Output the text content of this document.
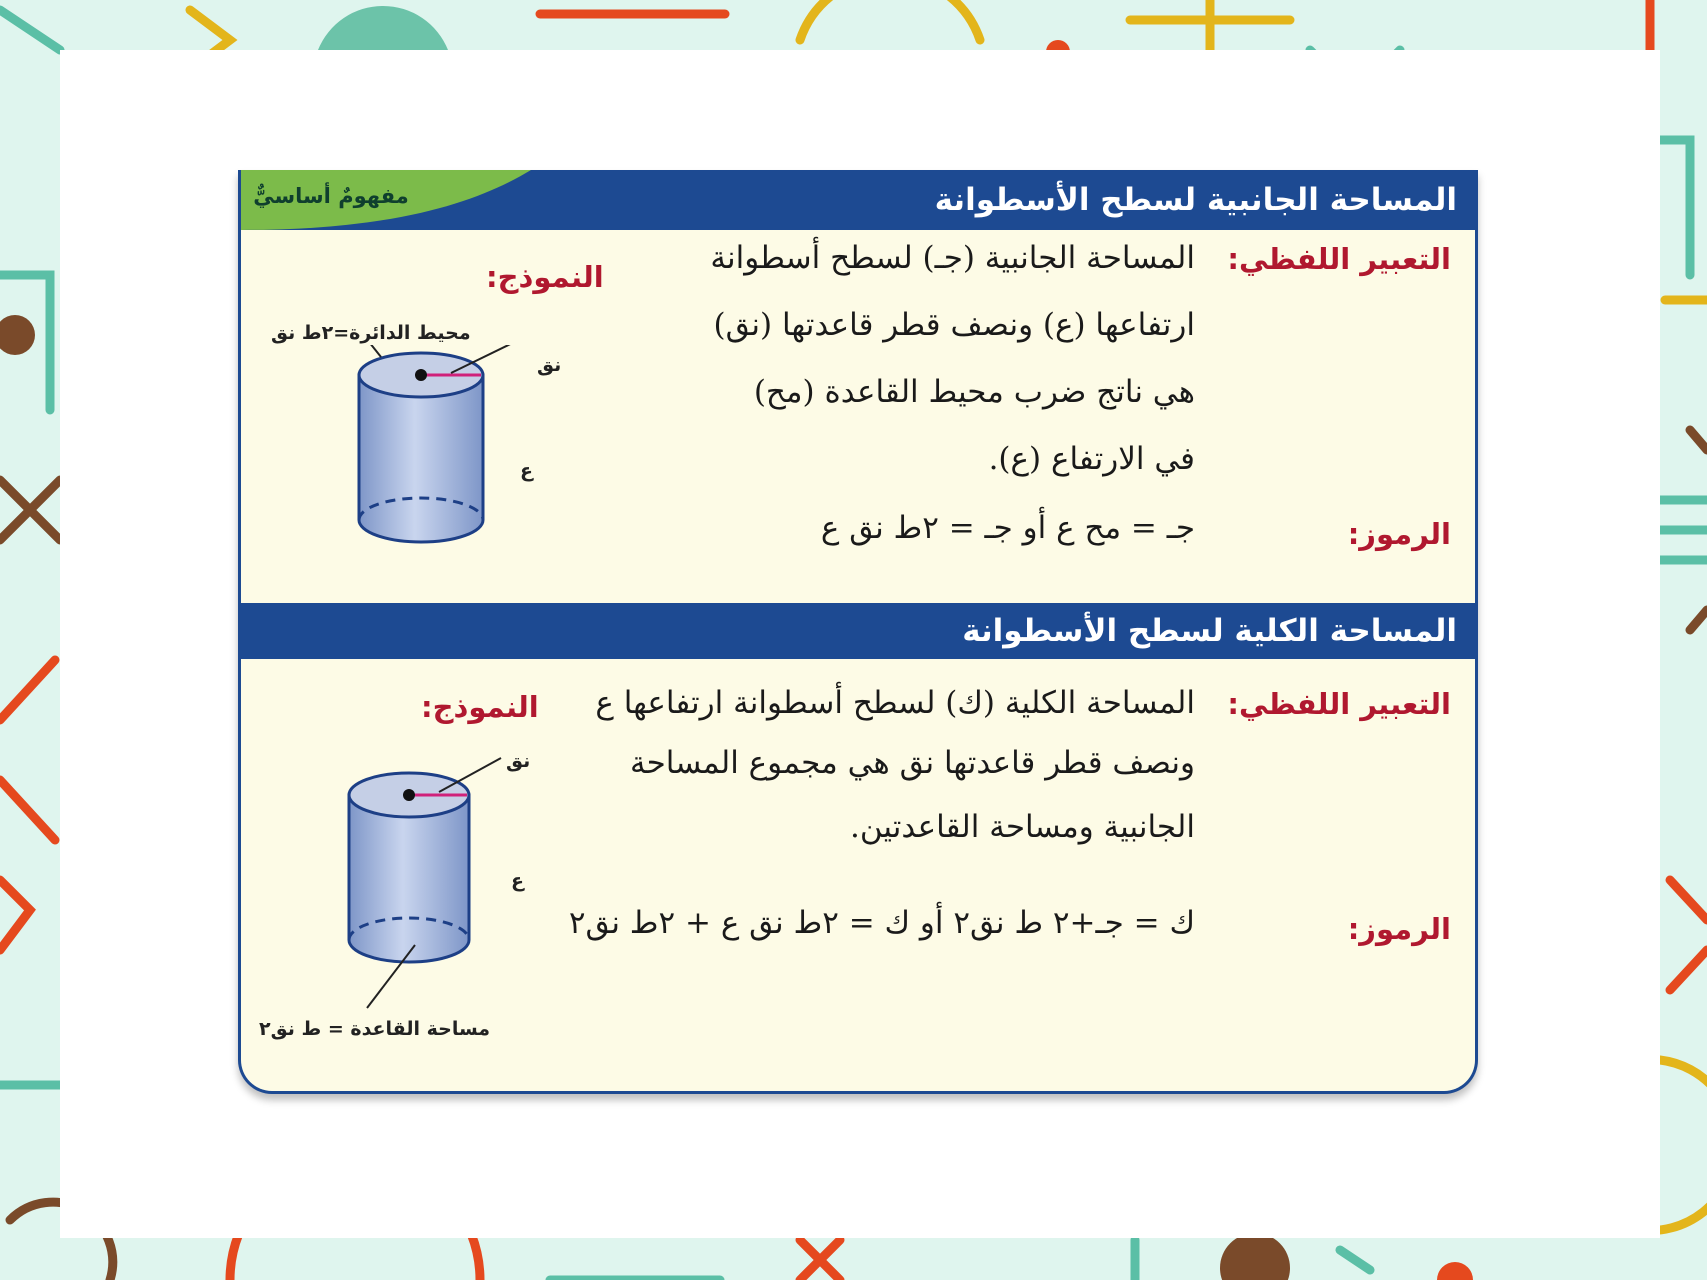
المساحة الجانبية لسطح الأسطوانة
مفهومٌ أساسيٌّ
التعبير اللفظي:
المساحة الجانبية (جـ) لسطح أسطوانة
ارتفاعها (ع) ونصف قطر قاعدتها (نق)
هي ناتج ضرب محيط القاعدة (مح)
في الارتفاع (ع).
الرموز:
جـ = مح ع أو جـ = ٢ط نق ع
النموذج:
محيط الدائرة=٢ط نق
نق
ع
المساحة الكلية لسطح الأسطوانة
التعبير اللفظي:
المساحة الكلية (ك) لسطح أسطوانة ارتفاعها ع
ونصف قطر قاعدتها نق هي مجموع المساحة
الجانبية ومساحة القاعدتين.
الرموز:
ك = جـ+٢ ط نق٢ أو ك = ٢ط نق ع + ٢ط نق٢
النموذج:
نق
ع
مساحة القاعدة = ط نق٢
